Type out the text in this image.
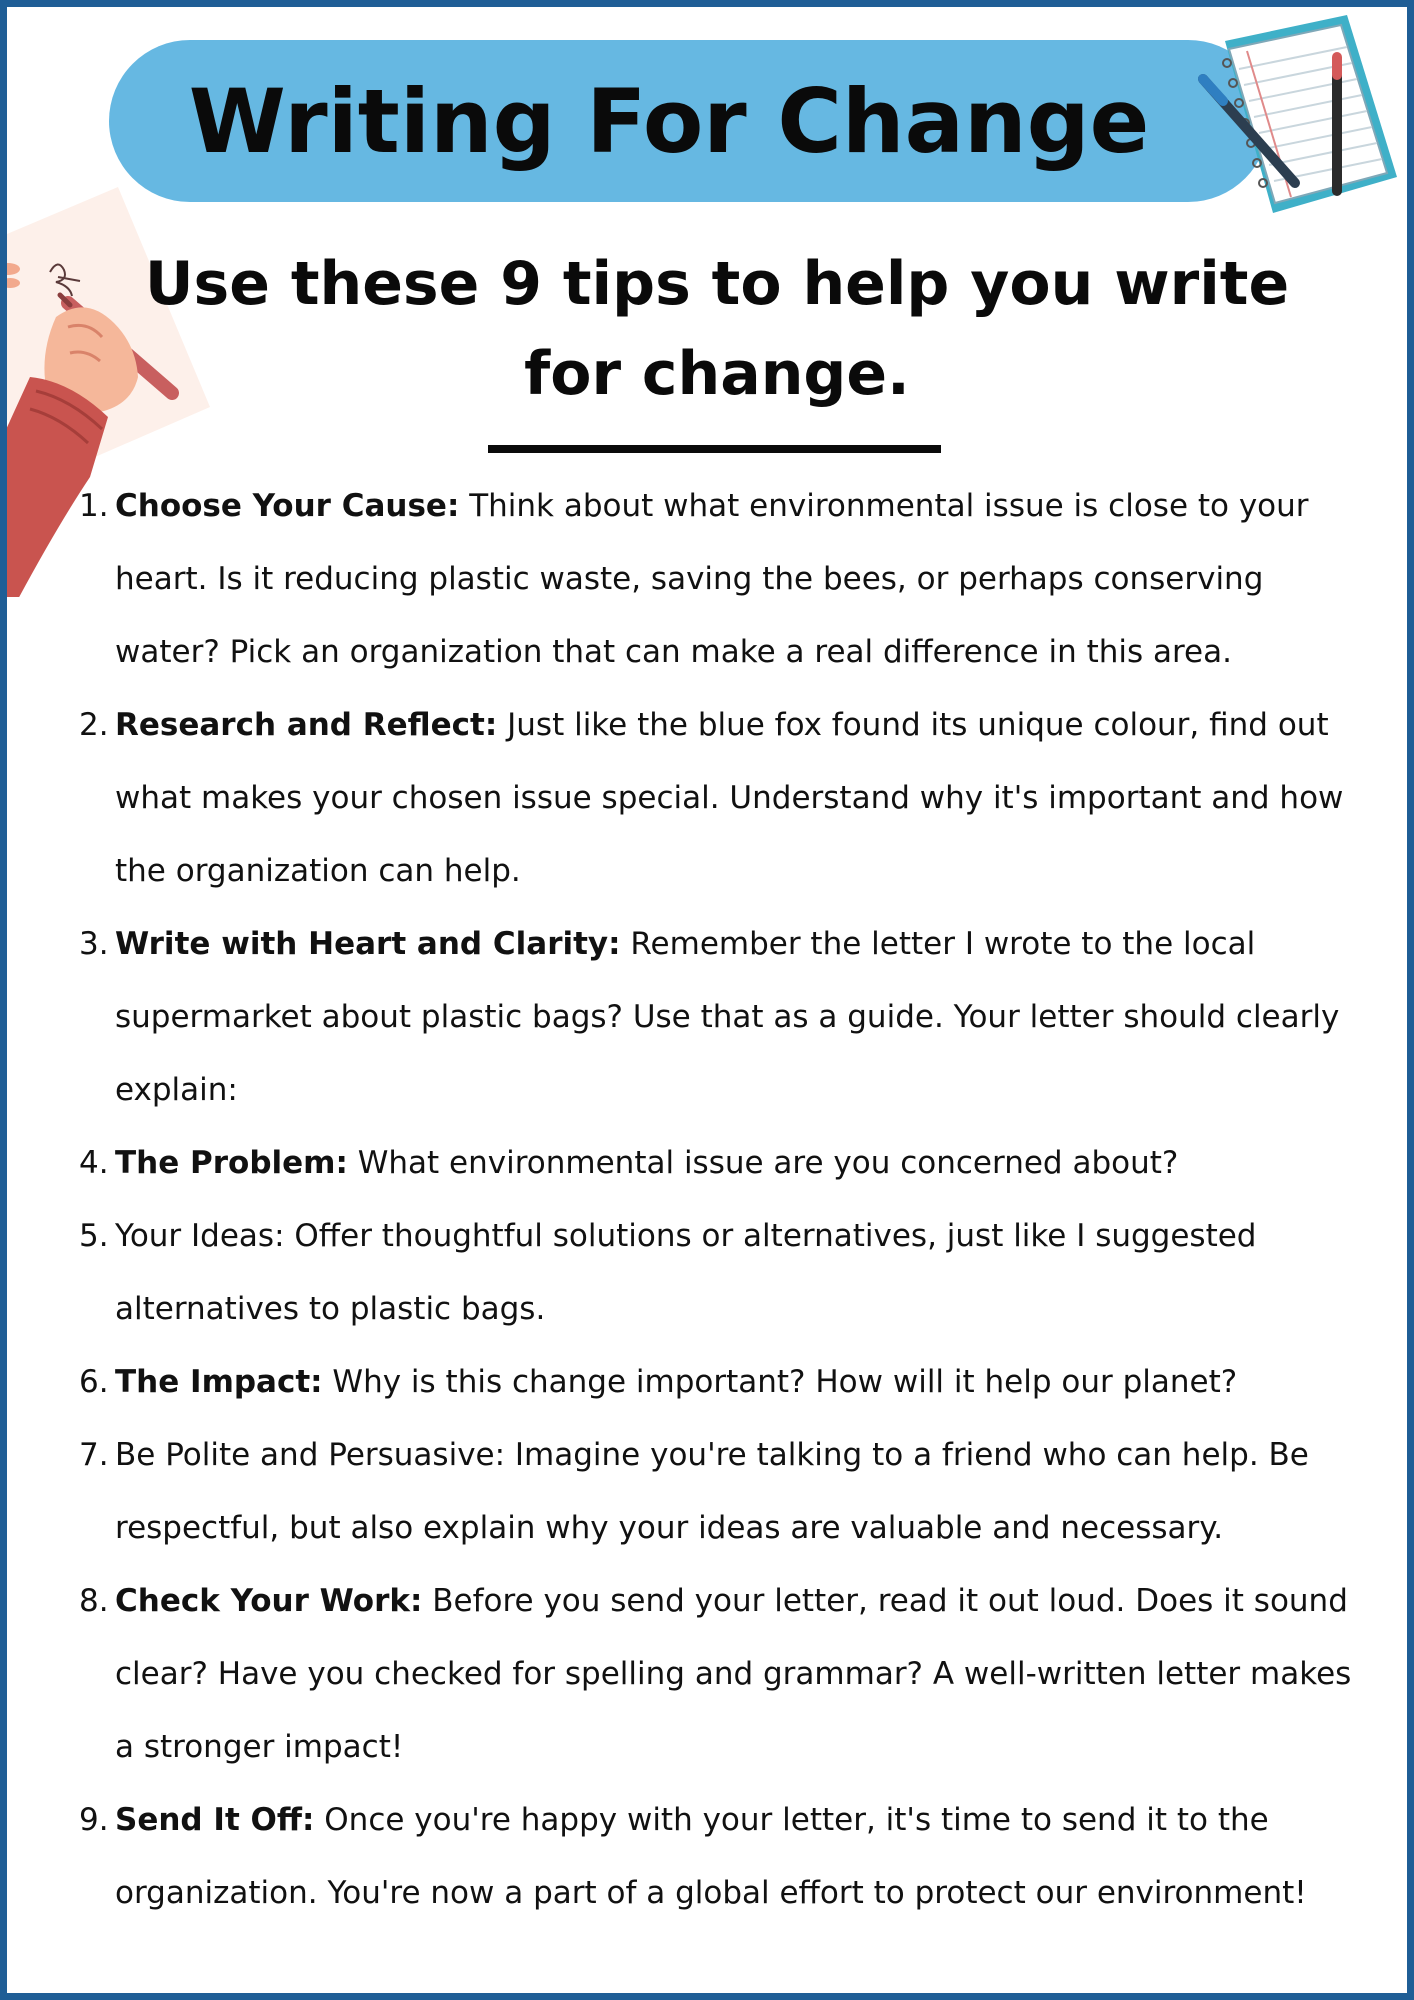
Writing For Change
Use these 9 tips to help you write for change.
1. Choose Your Cause: Think about what environmental issue is close to your heart. Is it reducing plastic waste, saving the bees, or perhaps conserving water? Pick an organization that can make a real difference in this area.
2. Research and Reflect: Just like the blue fox found its unique colour, find out what makes your chosen issue special. Understand why it's important and how the organization can help.
3. Write with Heart and Clarity: Remember the letter I wrote to the local supermarket about plastic bags? Use that as a guide. Your letter should clearly explain:
4. The Problem: What environmental issue are you concerned about?
5. Your Ideas: Offer thoughtful solutions or alternatives, just like I suggested alternatives to plastic bags.
6. The Impact: Why is this change important? How will it help our planet?
7. Be Polite and Persuasive: Imagine you're talking to a friend who can help. Be respectful, but also explain why your ideas are valuable and necessary.
8. Check Your Work: Before you send your letter, read it out loud. Does it sound clear? Have you checked for spelling and grammar? A well-written letter makes a stronger impact!
9. Send It Off: Once you're happy with your letter, it's time to send it to the organization. You're now a part of a global effort to protect our environment!
